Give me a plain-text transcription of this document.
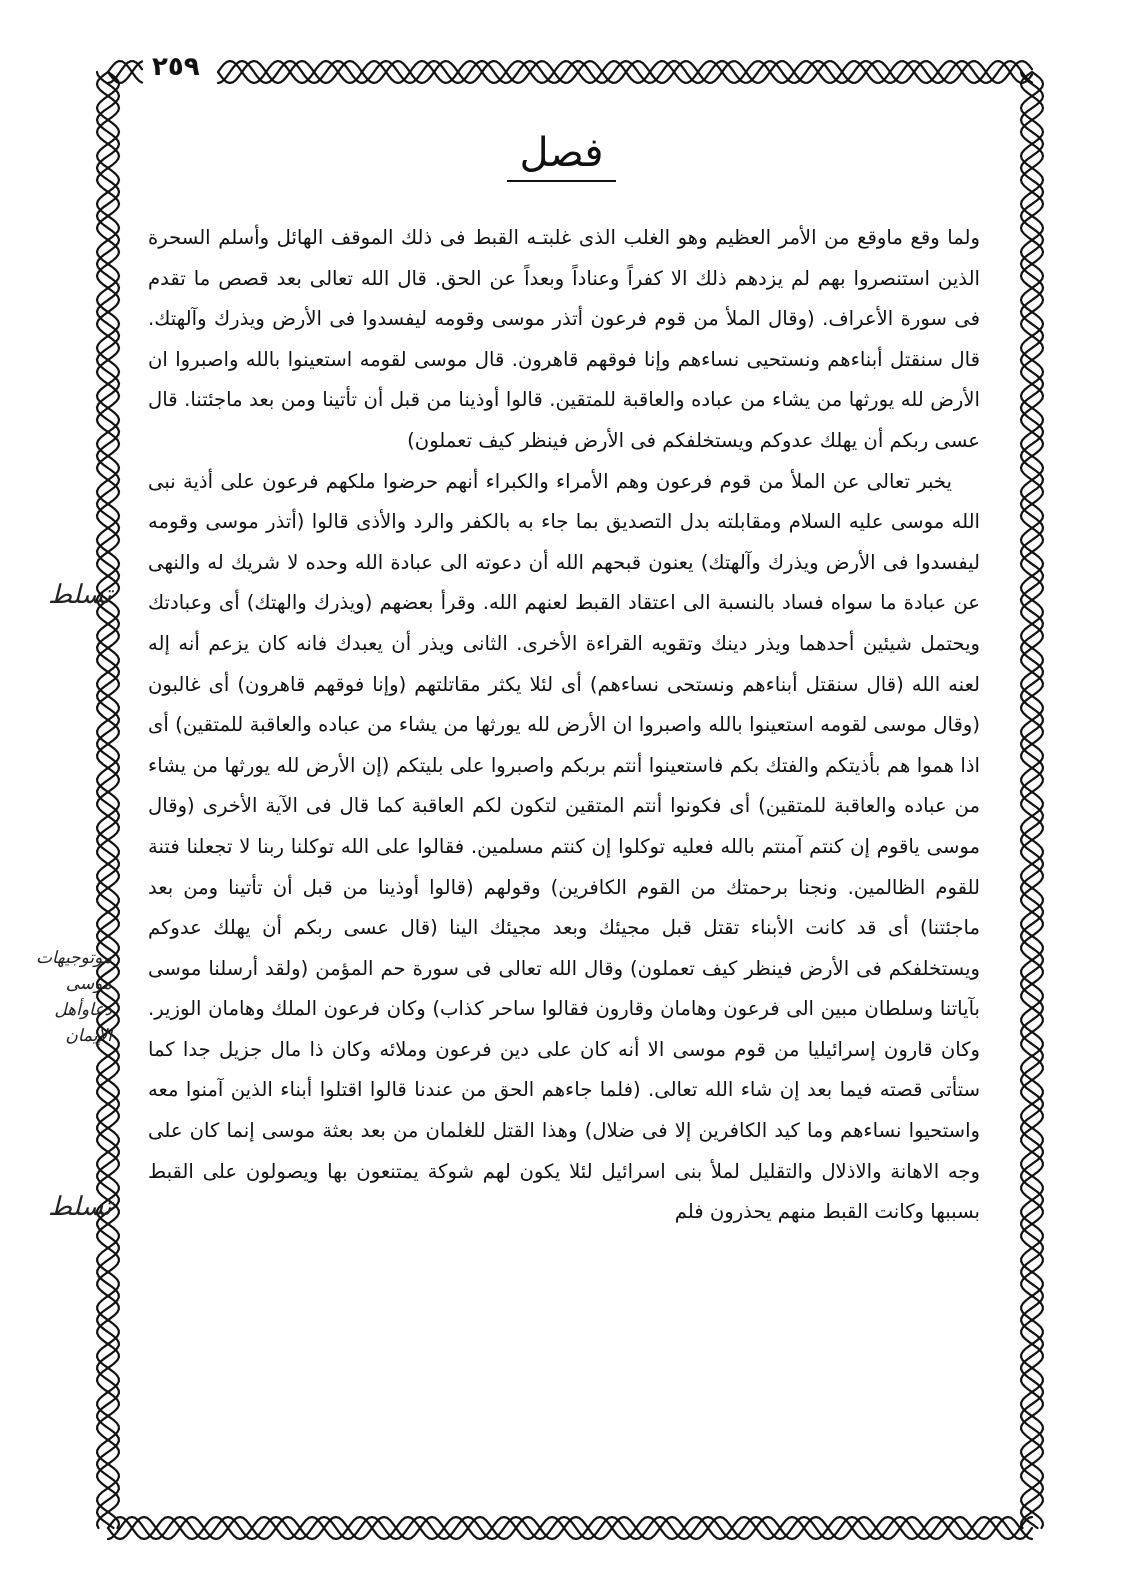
٢٥٩
فصل

ولما وقع ماوقع من الأمر العظيم وهو الغلب الذى غلبتـه القبط فى ذلك الموقف الهائل وأسلم السحرة الذين استنصروا بهم لم يزدهم ذلك الا كفراً وعناداً وبعداً عن الحق. قال الله تعالى بعد قصص ما تقدم فى سورة الأعراف. (وقال الملأ من قوم فرعون أتذر موسى وقومه ليفسدوا فى الأرض ويذرك وآلهتك. قال سنقتل أبناءهم ونستحيى نساءهم وإنا فوقهم قاهرون. قال موسى لقومه استعينوا بالله واصبروا ان الأرض لله يورثها من يشاء من عباده والعاقبة للمتقين. قالوا أوذينا من قبل أن تأتينا ومن بعد ماجئتنا. قال عسى ربكم أن يهلك عدوكم ويستخلفكم فى الأرض فينظر كيف تعملون)

يخبر تعالى عن الملأ من قوم فرعون وهم الأمراء والكبراء أنهم حرضوا ملكهم فرعون على أذية نبى الله موسى عليه السلام ومقابلته بدل التصديق بما جاء به بالكفر والرد والأذى قالوا (أتذر موسى وقومه ليفسدوا فى الأرض ويذرك وآلهتك) يعنون قبحهم الله أن دعوته الى عبادة الله وحده لا شريك له والنهى عن عبادة ما سواه فساد بالنسبة الى اعتقاد القبط لعنهم الله. وقرأ بعضهم (ويذرك والهتك) أى وعبادتك ويحتمل شيئين أحدهما ويذر دينك وتقويه القراءة الأخرى. الثانى ويذر أن يعبدك فانه كان يزعم أنه إله لعنه الله (قال سنقتل أبناءهم ونستحى نساءهم) أى لئلا يكثر مقاتلتهم (وإنا فوقهم قاهرون) أى غالبون (وقال موسى لقومه استعينوا بالله واصبروا ان الأرض لله يورثها من يشاء من عباده والعاقبة للمتقين) أى اذا هموا هم بأذيتكم والفتك بكم فاستعينوا أنتم بربكم واصبروا على بليتكم (إن الأرض لله يورثها من يشاء من عباده والعاقبة للمتقين) أى فكونوا أنتم المتقين لتكون لكم العاقبة كما قال فى الآية الأخرى (وقال موسى ياقوم إن كنتم آمنتم بالله فعليه توكلوا إن كنتم مسلمين. فقالوا على الله توكلنا ربنا لا تجعلنا فتنة للقوم الظالمين. ونجنا برحمتك من القوم الكافرين) وقولهم (قالوا أوذينا من قبل أن تأتينا ومن بعد ماجئتنا) أى قد كانت الأبناء تقتل قبل مجيئك وبعد مجيئك الينا (قال عسى ربكم أن يهلك عدوكم ويستخلفكم فى الأرض فينظر كيف تعملون) وقال الله تعالى فى سورة حم المؤمن (ولقد أرسلنا موسى بآياتنا وسلطان مبين الى فرعون وهامان وقارون فقالوا ساحر كذاب) وكان فرعون الملك وهامان الوزير. وكان قارون إسرائيليا من قوم موسى الا أنه كان على دين فرعون وملائه وكان ذا مال جزيل جدا كما ستأتى قصته فيما بعد إن شاء الله تعالى. (فلما جاءهم الحق من عندنا قالوا اقتلوا أبناء الذين آمنوا معه واستحيوا نساءهم وما كيد الكافرين إلا فى ضلال) وهذا القتل للغلمان من بعد بعثة موسى إنما كان على وجه الاهانة والاذلال والتقليل لملأ بنى اسرائيل لئلا يكون لهم شوكة يمتنعون بها ويصولون على القبط بسببها وكانت القبط منهم يحذرون فلم

تسلط
موتوجيهات موسى دعاوأهل الإيمان
تسلط
